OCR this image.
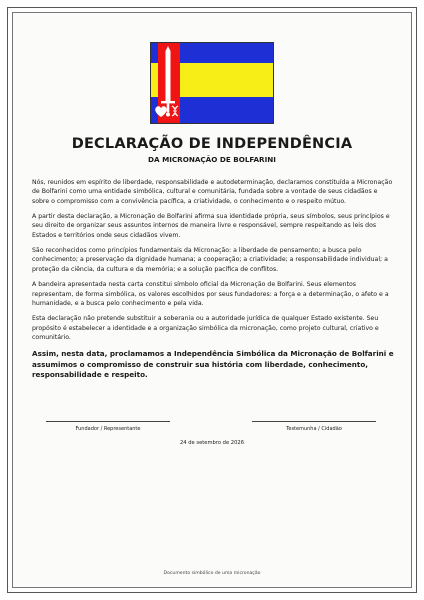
DECLARAÇÃO DE INDEPENDÊNCIA
DA MICRONAÇÃO DE BOLFARINI

Nós, reunidos em espírito de liberdade, responsabilidade e autodeterminação, declaramos constituída a Micronação de Bolfarini como uma entidade simbólica, cultural e comunitária, fundada sobre a vontade de seus cidadãos e sobre o compromisso com a convivência pacífica, a criatividade, o conhecimento e o respeito mútuo.

A partir desta declaração, a Micronação de Bolfarini afirma sua identidade própria, seus símbolos, seus princípios e seu direito de organizar seus assuntos internos de maneira livre e responsável, sempre respeitando as leis dos Estados e territórios onde seus cidadãos vivem.

São reconhecidos como princípios fundamentais da Micronação: a liberdade de pensamento; a busca pelo conhecimento; a preservação da dignidade humana; a cooperação; a criatividade; a responsabilidade individual; a proteção da ciência, da cultura e da memória; e a solução pacífica de conflitos.

A bandeira apresentada nesta carta constitui símbolo oficial da Micronação de Bolfarini. Seus elementos representam, de forma simbólica, os valores escolhidos por seus fundadores: a força e a determinação, o afeto e a humanidade, e a busca pelo conhecimento e pela vida.

Esta declaração não pretende substituir a soberania ou a autoridade jurídica de qualquer Estado existente. Seu propósito é estabelecer a identidade e a organização simbólica da micronação, como projeto cultural, criativo e comunitário.

Assim, nesta data, proclamamos a Independência Simbólica da Micronação de Bolfarini e assumimos o compromisso de construir sua história com liberdade, conhecimento, responsabilidade e respeito.

Fundador / Representante	Testemunha / Cidadão
24 de setembro de 2026
Documento simbólico de uma micronação
